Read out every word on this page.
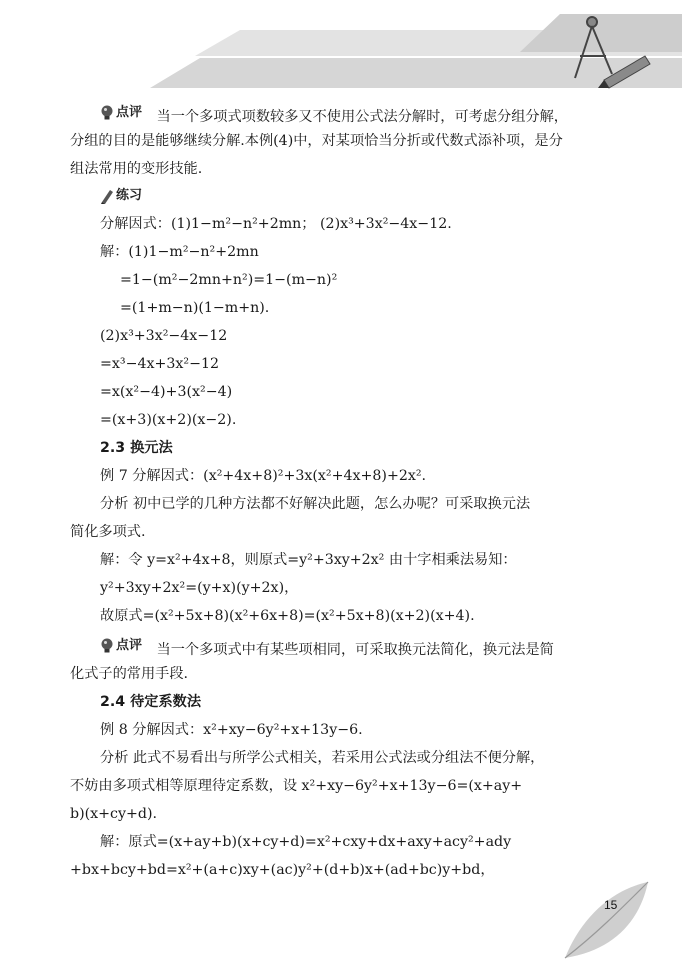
点评 当一个多项式项数较多又不使用公式法分解时，可考虑分组分解，
分组的目的是能够继续分解.本例(4)中，对某项恰当分折或代数式添补项，是分
组法常用的变形技能.
练习
分解因式：(1)1−m²−n²+2mn； (2)x³+3x²−4x−12.
解：(1)1−m²−n²+2mn
=1−(m²−2mn+n²)=1−(m−n)²
=(1+m−n)(1−m+n).
(2)x³+3x²−4x−12
=x³−4x+3x²−12
=x(x²−4)+3(x²−4)
=(x+3)(x+2)(x−2).
2.3 换元法
例 7 分解因式：(x²+4x+8)²+3x(x²+4x+8)+2x².
分析 初中已学的几种方法都不好解决此题，怎么办呢？可采取换元法
简化多项式.
解：令 y=x²+4x+8，则原式=y²+3xy+2x² 由十字相乘法易知：
y²+3xy+2x²=(y+x)(y+2x)，
故原式=(x²+5x+8)(x²+6x+8)=(x²+5x+8)(x+2)(x+4).
点评 当一个多项式中有某些项相同，可采取换元法简化，换元法是简
化式子的常用手段.
2.4 待定系数法
例 8 分解因式：x²+xy−6y²+x+13y−6.
分析 此式不易看出与所学公式相关，若采用公式法或分组法不便分解，
不妨由多项式相等原理待定系数，设 x²+xy−6y²+x+13y−6=(x+ay+
b)(x+cy+d).
解：原式=(x+ay+b)(x+cy+d)=x²+cxy+dx+axy+acy²+ady
+bx+bcy+bd=x²+(a+c)xy+(ac)y²+(d+b)x+(ad+bc)y+bd，
15
